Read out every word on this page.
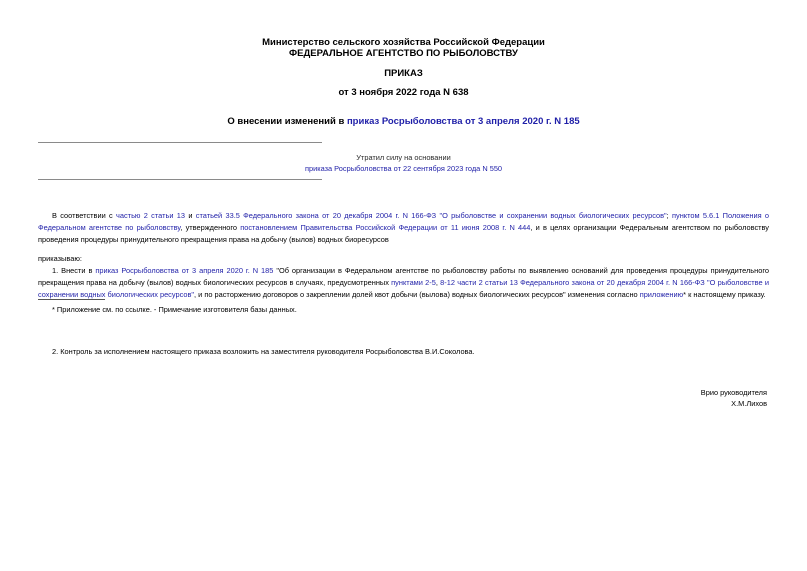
Министерство сельского хозяйства Российской Федерации
ФЕДЕРАЛЬНОЕ АГЕНТСТВО ПО РЫБОЛОВСТВУ
ПРИКАЗ
от 3 ноября 2022 года N 638
О внесении изменений в приказ Росрыболовства от 3 апреля 2020 г. N 185
Утратил силу на основании
приказа Росрыболовства от 22 сентября 2023 года N 550
В соответствии с частью 2 статьи 13 и статьей 33.5 Федерального закона от 20 декабря 2004 г. N 166-ФЗ "О рыболовстве и сохранении водных биологических ресурсов"; пунктом 5.6.1 Положения о Федеральном агентстве по рыболовству, утвержденного постановлением Правительства Российской Федерации от 11 июня 2008 г. N 444, и в целях организации Федеральным агентством по рыболовству проведения процедуры принудительного прекращения права на добычу (вылов) водных биоресурсов
приказываю:
1. Внести в приказ Росрыболовства от 3 апреля 2020 г. N 185 "Об организации в Федеральном агентстве по рыболовству работы по выявлению оснований для проведения процедуры принудительного прекращения права на добычу (вылов) водных биологических ресурсов в случаях, предусмотренных пунктами 2-5, 8-12 части 2 статьи 13 Федерального закона от 20 декабря 2004 г. N 166-ФЗ "О рыболовстве и сохранении водных биологических ресурсов", и по расторжению договоров о закреплении долей квот добычи (вылова) водных биологических ресурсов" изменения согласно приложению* к настоящему приказу.
* Приложение см. по ссылке. - Примечание изготовителя базы данных.
2. Контроль за исполнением настоящего приказа возложить на заместителя руководителя Росрыболовства В.И.Соколова.
Врио руководителя
Х.М.Лихов
